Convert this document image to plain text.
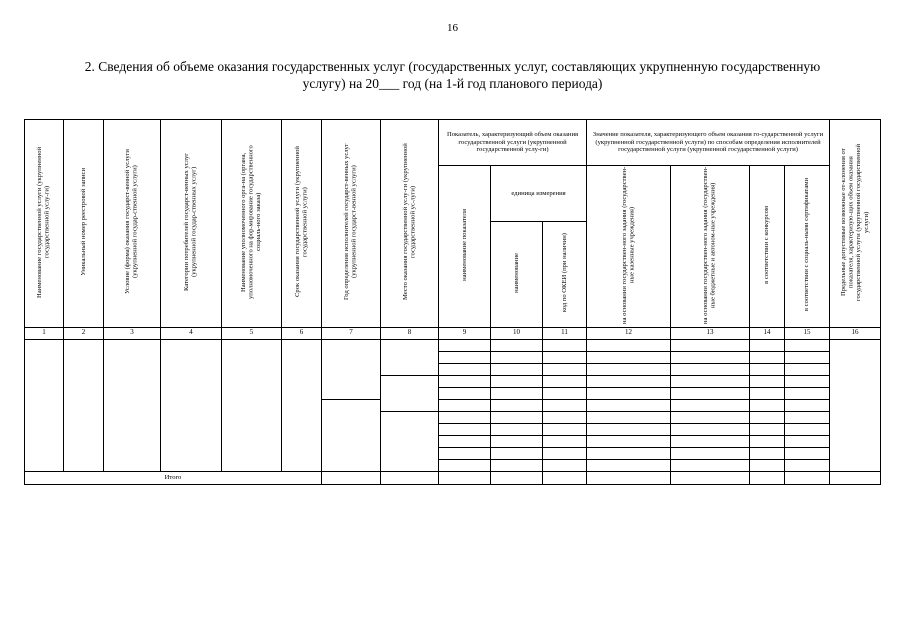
16
2. Сведения об объеме оказания государственных услуг (государственных услуг, составляющих укрупненную государственную
услугу) на 20___ год (на 1-й год планового периода)
Наименование государственной услуги (укрупненной государственной услу-ги)	Уникальный номер реестровой записи	Условие (форма) оказания государст-венной услуги (укрупненной государ-ственной услуги)	Категории потребителей государст-венных услуг (укрупненной государ-ственных услуг)	Наименование уполномоченного орга-на (органа, уполномоченного на фор-мирование государственного социаль-ного заказа)	Срок оказания государственной услуги (укрупненной государственной услуги)	Год определения исполнителей государст-венных услуг (укрупненной государст-венной услуги)	Место оказания государственной услу-ги (укрупненной государственной ус-луги)	Показатель, характеризующий объем оказания государственной услуги (укрупненной государственной услу-ги)			Значение показателя, характеризующего объем оказания го-сударственной услуги (укрупненной государственной услуги) по способам определения исполнителей государственной услуги (укрупненной государственной услуги)				Предельные допустимые возможные от-клонения от показателя, характеризую-щих объем оказания государственной услуги (укрупненной государственной услуги)
								наименование показателя	единица измерения		на основании государствен-ного задания (государствен-ные казенные учреждения)	на основании государствен-ного задания (государствен-ные бюджетные и автоном-ные учреждения)	в соответствии с конкурсом	в соответствии с социаль-ными сертификатами	
									наименование	код по ОКЕИ (при наличии)					
1	2	3	4	5	6	7	8	9	10	11	12	13	14	15	16

Итого															
